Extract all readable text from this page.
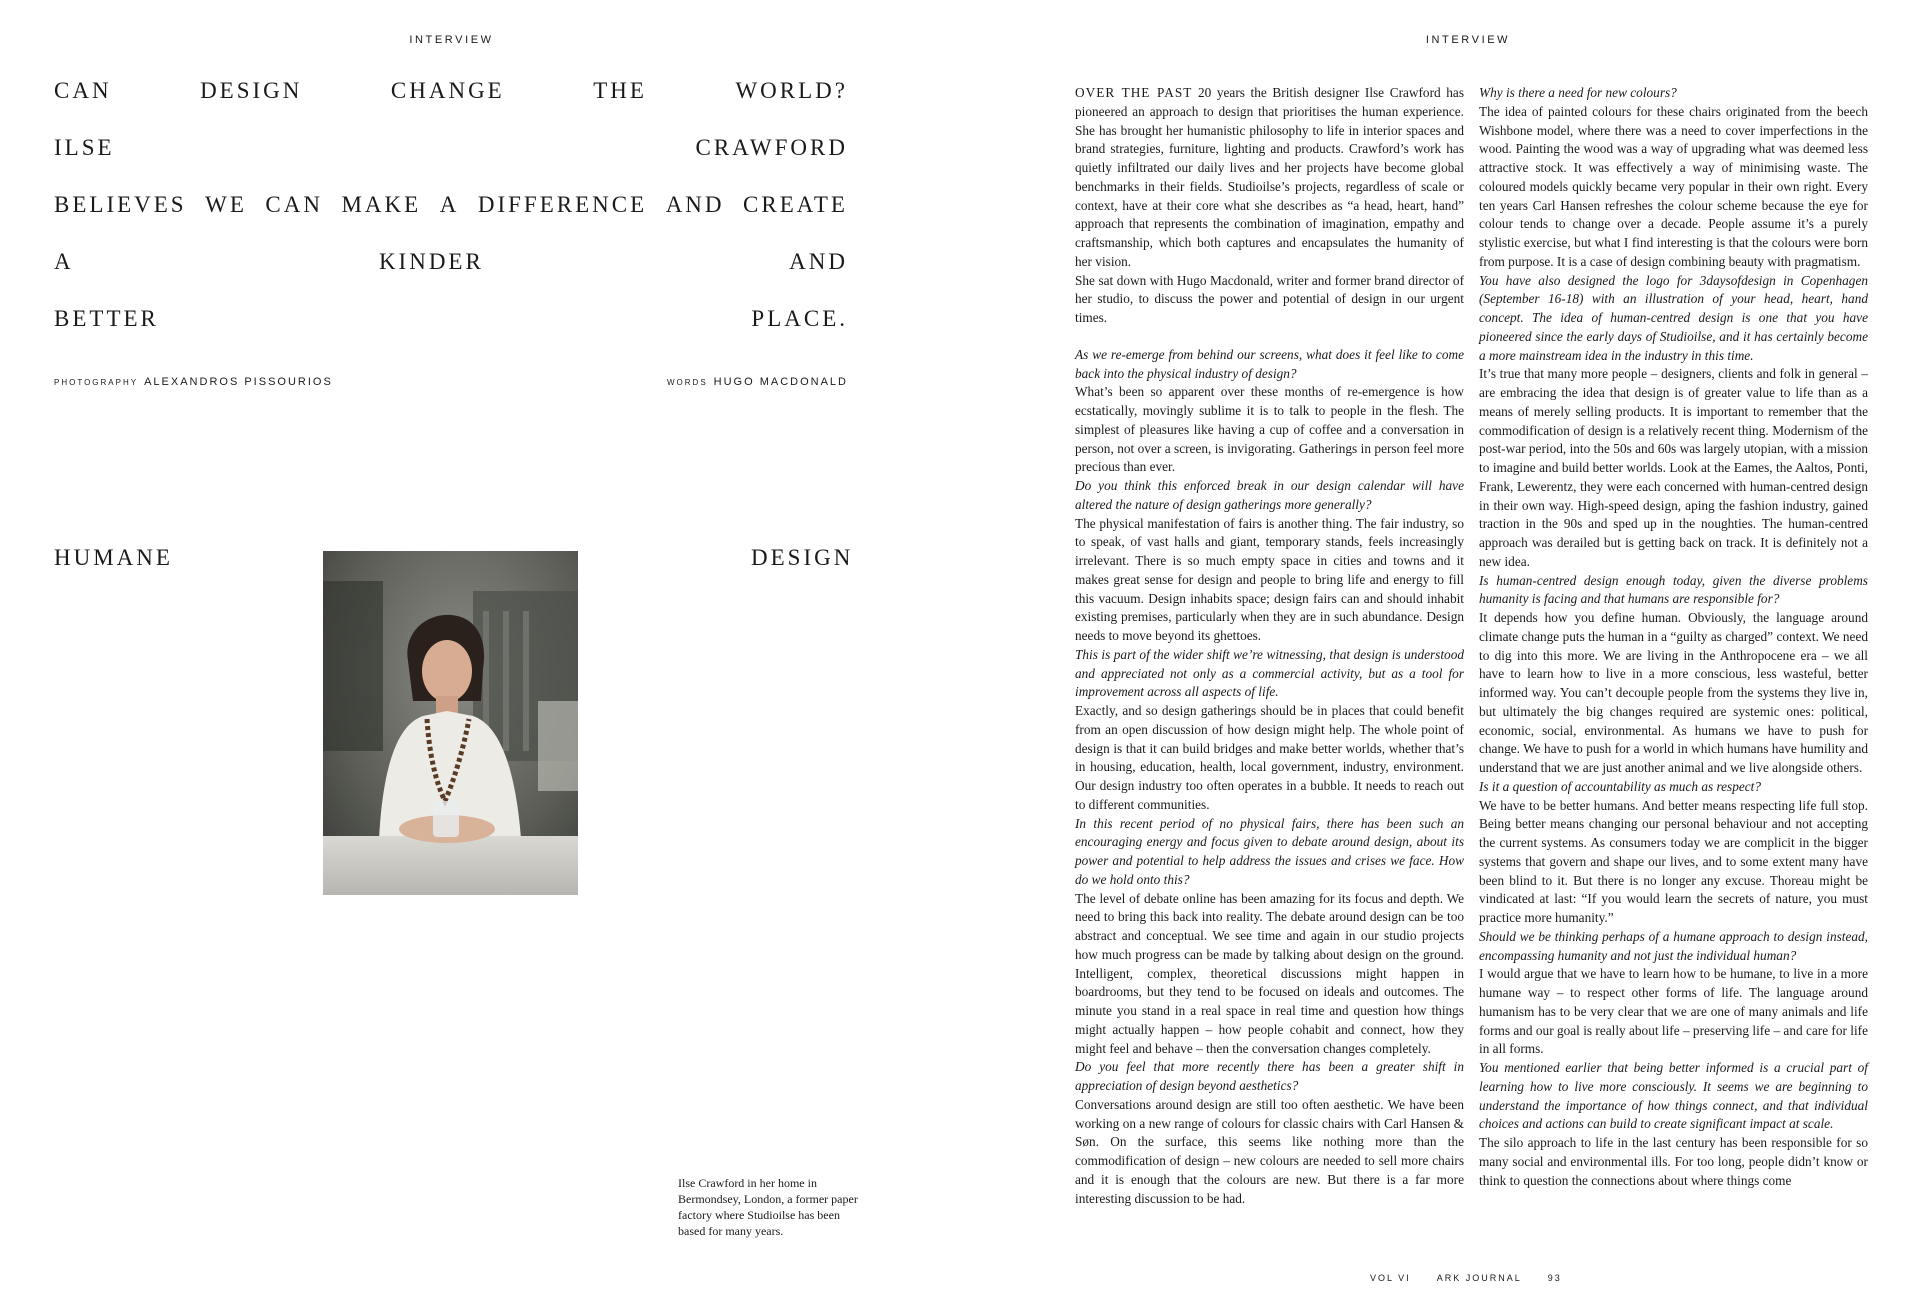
INTERVIEW
CAN	DESIGN	CHANGE	THE	WORLD?
ILSE	CRAWFORD
BELIEVES WE CAN MAKE A DIFFERENCE AND CREATE
A	KINDER	AND
BETTER	PLACE.
PHOTOGRAPHY ALEXANDROS PISSOURIOS	WORDS HUGO MACDONALD
HUMANE	DESIGN
Ilse Crawford in her home in Bermondsey, London, a former paper factory where Studioilse has been based for many years.
INTERVIEW

OVER THE PAST 20 years the British designer Ilse Crawford has pioneered an approach to design that prioritises the human experience. She has brought her humanistic philosophy to life in interior spaces and brand strategies, furniture, lighting and products. Crawford’s work has quietly infiltrated our daily lives and her projects have become global benchmarks in their fields. Studioilse’s projects, regardless of scale or context, have at their core what she describes as “a head, heart, hand” approach that represents the combination of imagination, empathy and craftsmanship, which both captures and encapsulates the humanity of her vision.

She sat down with Hugo Macdonald, writer and former brand director of her studio, to discuss the power and potential of design in our urgent times.

As we re-emerge from behind our screens, what does it feel like to come back into the physical industry of design?

What’s been so apparent over these months of re-emergence is how ecstatically, movingly sublime it is to talk to people in the flesh. The simplest of pleasures like having a cup of coffee and a conversation in person, not over a screen, is invigorating. Gatherings in person feel more precious than ever.

Do you think this enforced break in our design calendar will have altered the nature of design gatherings more generally?

The physical manifestation of fairs is another thing. The fair industry, so to speak, of vast halls and giant, temporary stands, feels increasingly irrelevant. There is so much empty space in cities and towns and it makes great sense for design and people to bring life and energy to fill this vacuum. Design inhabits space; design fairs can and should inhabit existing premises, particularly when they are in such abundance. Design needs to move beyond its ghettoes.

This is part of the wider shift we’re witnessing, that design is understood and appreciated not only as a commercial activity, but as a tool for improvement across all aspects of life.

Exactly, and so design gatherings should be in places that could benefit from an open discussion of how design might help. The whole point of design is that it can build bridges and make better worlds, whether that’s in housing, education, health, local government, industry, environment. Our design industry too often operates in a bubble. It needs to reach out to different communities.

In this recent period of no physical fairs, there has been such an encouraging energy and focus given to debate around design, about its power and potential to help address the issues and crises we face. How do we hold onto this?

The level of debate online has been amazing for its focus and depth. We need to bring this back into reality. The debate around design can be too abstract and conceptual. We see time and again in our studio projects how much progress can be made by talking about design on the ground. Intelligent, complex, theoretical discussions might happen in boardrooms, but they tend to be focused on ideals and outcomes. The minute you stand in a real space in real time and question how things might actually happen – how people cohabit and connect, how they might feel and behave – then the conversation changes completely.

Do you feel that more recently there has been a greater shift in appreciation of design beyond aesthetics?

Conversations around design are still too often aesthetic. We have been working on a new range of colours for classic chairs with Carl Hansen & Søn. On the surface, this seems like nothing more than the commodification of design – new colours are needed to sell more chairs and it is enough that the colours are new. But there is a far more interesting discussion to be had.

Why is there a need for new colours?

The idea of painted colours for these chairs originated from the beech Wishbone model, where there was a need to cover imperfections in the wood. Painting the wood was a way of upgrading what was deemed less attractive stock. It was effectively a way of minimising waste. The coloured models quickly became very popular in their own right. Every ten years Carl Hansen refreshes the colour scheme because the eye for colour tends to change over a decade. People assume it’s a purely stylistic exercise, but what I find interesting is that the colours were born from purpose. It is a case of design combining beauty with pragmatism.

You have also designed the logo for 3daysofdesign in Copenhagen (September 16-18) with an illustration of your head, heart, hand concept. The idea of human-centred design is one that you have pioneered since the early days of Studioilse, and it has certainly become a more mainstream idea in the industry in this time.

It’s true that many more people – designers, clients and folk in general – are embracing the idea that design is of greater value to life than as a means of merely selling products. It is important to remember that the commodification of design is a relatively recent thing. Modernism of the post-war period, into the 50s and 60s was largely utopian, with a mission to imagine and build better worlds. Look at the Eames, the Aaltos, Ponti, Frank, Lewerentz, they were each concerned with human-centred design in their own way. High-speed design, aping the fashion industry, gained traction in the 90s and sped up in the noughties. The human-centred approach was derailed but is getting back on track. It is definitely not a new idea.

Is human-centred design enough today, given the diverse problems humanity is facing and that humans are responsible for?

It depends how you define human. Obviously, the language around climate change puts the human in a “guilty as charged” context. We need to dig into this more. We are living in the Anthropocene era – we all have to learn how to live in a more conscious, less wasteful, better informed way. You can’t decouple people from the systems they live in, but ultimately the big changes required are systemic ones: political, economic, social, environmental. As humans we have to push for change. We have to push for a world in which humans have humility and understand that we are just another animal and we live alongside others.

Is it a question of accountability as much as respect?

We have to be better humans. And better means respecting life full stop. Being better means changing our personal behaviour and not accepting the current systems. As consumers today we are complicit in the bigger systems that govern and shape our lives, and to some extent many have been blind to it. But there is no longer any excuse. Thoreau might be vindicated at last: “If you would learn the secrets of nature, you must practice more humanity.”

Should we be thinking perhaps of a humane approach to design instead, encompassing humanity and not just the individual human?

I would argue that we have to learn how to be humane, to live in a more humane way – to respect other forms of life. The language around humanism has to be very clear that we are one of many animals and life forms and our goal is really about life – preserving life – and care for life in all forms.

You mentioned earlier that being better informed is a crucial part of learning how to live more consciously. It seems we are beginning to understand the importance of how things connect, and that individual choices and actions can build to create significant impact at scale.

The silo approach to life in the last century has been responsible for so many social and environmental ills. For too long, people didn’t know or think to question the connections about where things come

VOL VI	ARK JOURNAL	93
